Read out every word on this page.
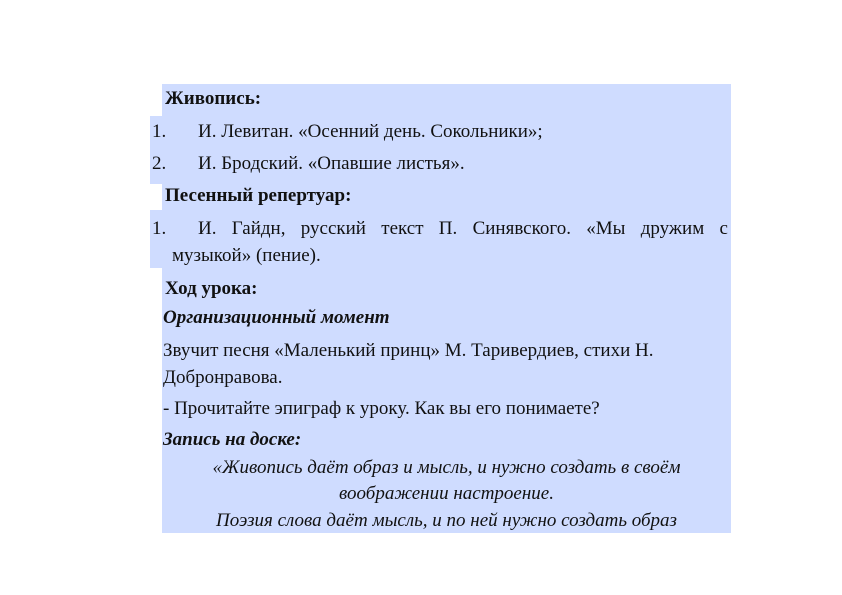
Живопись:
1. И. Левитан. «Осенний день. Сокольники»;
2. И. Бродский. «Опавшие листья».
Песенный репертуар:
1. И. Гайдн, русский текст П. Синявского. «Мы дружим с
музыкой» (пение).
Ход урока:
Организационный момент
Звучит песня «Маленький принц» М. Таривердиев, стихи Н.
Добронравова.
- Прочитайте эпиграф к уроку. Как вы его понимаете?
Запись на доске:
«Живопись даёт образ и мысль, и нужно создать в своём
воображении настроение.
Поэзия слова даёт мысль, и по ней нужно создать образ
